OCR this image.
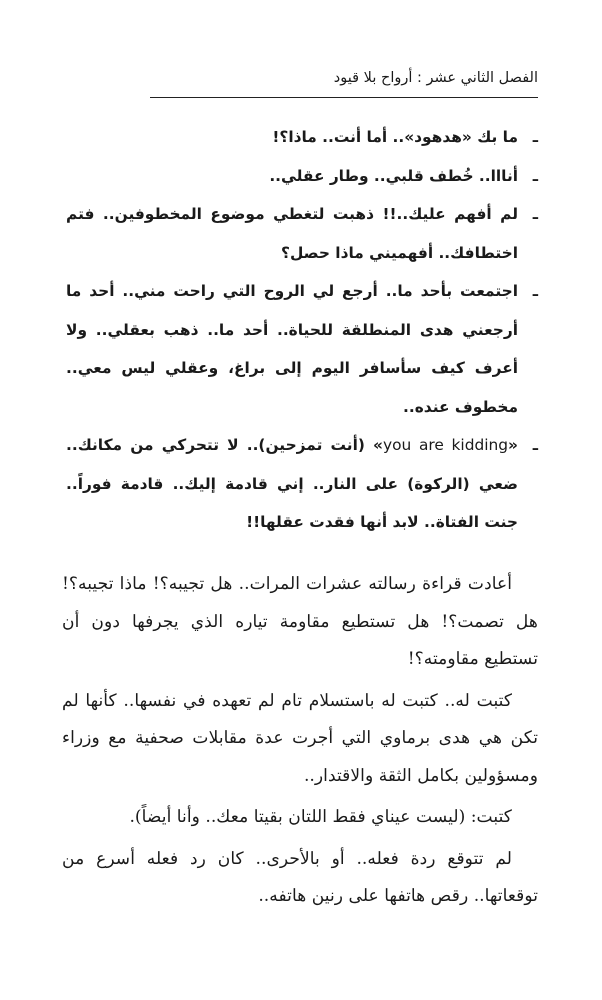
الفصل الثاني عشر : أرواح بلا قيود

ـ
ما بك «هدهود».. أما أنت.. ماذا؟!

ـ
أنااا.. خُطف قلبي.. وطار عقلي..

ـ
لم أفهم عليك..!! ذهبت لتغطي موضوع المخطوفين.. فتم اختطافك.. أفهميني ماذا حصل؟

ـ
اجتمعت بأحد ما.. أرجع لي الروح التي راحت مني.. أحد ما أرجعني هدى المنطلقة للحياة.. أحد ما.. ذهب بعقلي.. ولا أعرف كيف سأسافر اليوم إلى براغ، وعقلي ليس معي.. مخطوف عنده..

ـ
«you are kidding» (أنت تمزحين).. لا تتحركي من مكانك.. ضعي (الركوة) على النار.. إني قادمة إليك.. قادمة فوراً.. جنت الفتاة.. لابد أنها فقدت عقلها!!

أعادت قراءة رسالته عشرات المرات.. هل تجيبه؟! ماذا تجيبه؟! هل تصمت؟! هل تستطيع مقاومة تياره الذي يجرفها دون أن تستطيع مقاومته؟!

كتبت له.. كتبت له باستسلام تام لم تعهده في نفسها.. كأنها لم تكن هي هدى برماوي التي أجرت عدة مقابلات صحفية مع وزراء ومسؤولين بكامل الثقة والاقتدار..

كتبت: (ليست عيناي فقط اللتان بقيتا معك.. وأنا أيضاً).

لم تتوقع ردة فعله.. أو بالأحرى.. كان رد فعله أسرع من توقعاتها.. رقص هاتفها على رنين هاتفه..
